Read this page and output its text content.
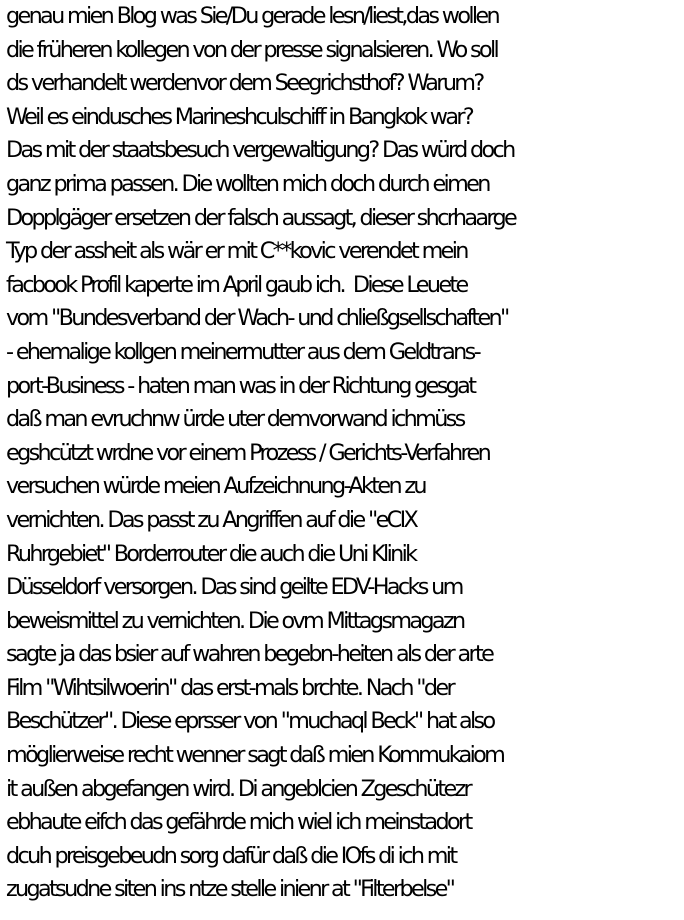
genau mien Blog was Sie/Du gerade lesn/liest,das wollen
die früheren kollegen von der presse signalsieren. Wo soll
ds verhandelt werdenvor dem Seegrichsthof? Warum?
Weil es eindusches Marineshculschiff in Bangkok war?
Das mit der staatsbesuch vergewaltigung? Das würd doch
ganz prima passen. Die wollten mich doch durch eimen
Dopplgäger ersetzen der falsch aussagt, dieser shcrhaarge
Typ der assheit als wär er mit C**kovic verendet mein
facbook Profil kaperte im April gaub ich.  Diese Leuete
vom "Bundesverband der Wach- und chließgsellschaften"
- ehemalige kollgen meinermutter aus dem Geldtrans-
port-Business - haten man was in der Richtung gesgat
daß man evruchnw ürde uter demvorwand ichmüss
egshcützt wrdne vor einem Prozess / Gerichts-Verfahren
versuchen würde meien Aufzeichnung-Akten zu
vernichten. Das passt zu Angriffen auf die "eCIX
Ruhrgebiet" Borderrouter die auch die Uni Klinik
Düsseldorf versorgen. Das sind geilte EDV-Hacks um
beweismittel zu vernichten. Die ovm Mittagsmagazn
sagte ja das bsier auf wahren begebn-heiten als der arte
Film "Wihtsilwoerin" das erst-mals brchte. Nach "der
Beschützer". Diese eprsser von "muchaql Beck" hat also
möglierweise recht wenner sagt daß mien Kommukaiom
it außen abgefangen wird. Di angeblcien Zgeschütezr
ebhaute eifch das gefährde mich wiel ich meinstadort
dcuh preisgebeudn sorg dafür daß die IOfs di ich mit
zugatsudne siten ins ntze stelle inienr at "Filterbelse"
